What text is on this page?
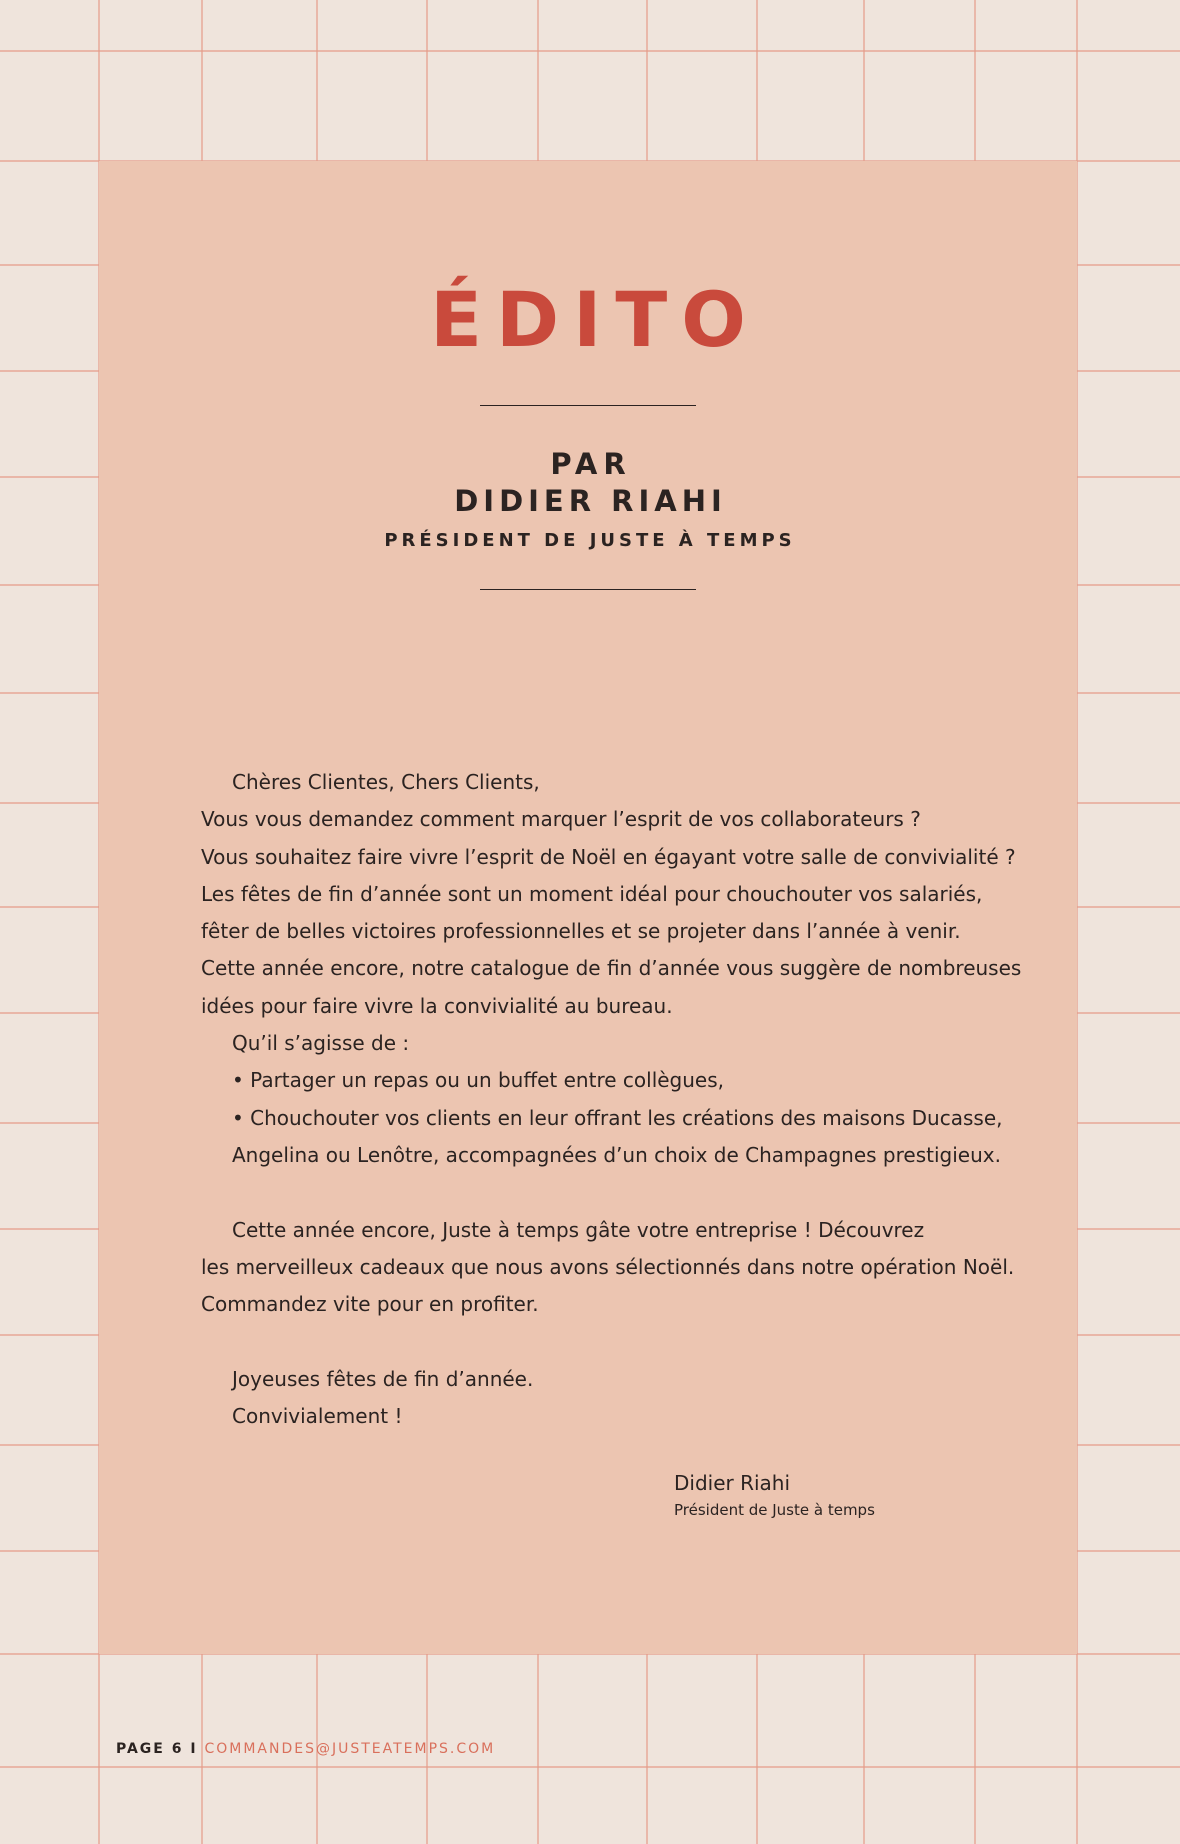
ÉDITO
PAR
DIDIER RIAHI
PRÉSIDENT DE JUSTE À TEMPS

Chères Clientes, Chers Clients,

Vous vous demandez comment marquer l’esprit de vos collaborateurs ?

Vous souhaitez faire vivre l’esprit de Noël en égayant votre salle de convivialité ?

Les fêtes de fin d’année sont un moment idéal pour chouchouter vos salariés,

fêter de belles victoires professionnelles et se projeter dans l’année à venir.

Cette année encore, notre catalogue de fin d’année vous suggère de nombreuses

idées pour faire vivre la convivialité au bureau.

Qu’il s’agisse de :

• Partager un repas ou un buffet entre collègues,

• Chouchouter vos clients en leur offrant les créations des maisons Ducasse,

Angelina ou Lenôtre, accompagnées d’un choix de Champagnes prestigieux.

Cette année encore, Juste à temps gâte votre entreprise ! Découvrez

les merveilleux cadeaux que nous avons sélectionnés dans notre opération Noël.

Commandez vite pour en profiter.

Joyeuses fêtes de fin d’année.

Convivialement !

Didier Riahi
Président de Juste à temps
PAGE 6 I COMMANDES@JUSTEATEMPS.COM
